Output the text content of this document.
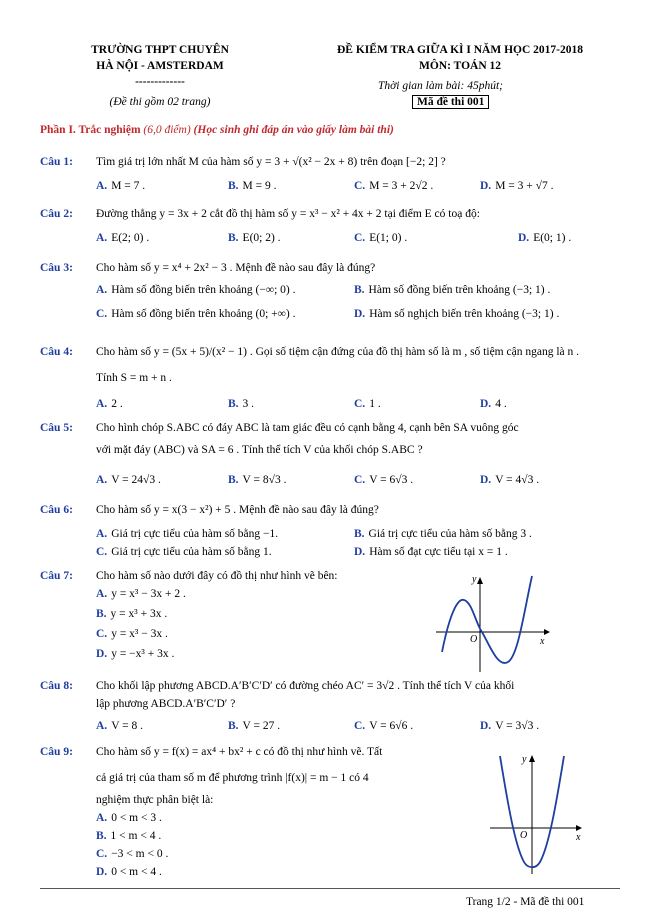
TRƯỜNG THPT CHUYÊN
HÀ NỘI - AMSTERDAM
-------------
(Đề thi gồm 02 trang)
ĐỀ KIỂM TRA GIỮA KÌ I NĂM HỌC 2017-2018
MÔN: TOÁN 12
Thời gian làm bài: 45phút;
Mã đề thi 001
Phần I. Trắc nghiệm (6,0 điểm) (Học sinh ghi đáp án vào giấy làm bài thi)
Câu 1: Tìm giá trị lớn nhất M của hàm số y = 3 + √(x² − 2x + 8) trên đoạn [−2; 2] ?
A. M = 7 .	B. M = 9 .	C. M = 3 + 2√2 .	D. M = 3 + √7 .
Câu 2: Đường thẳng y = 3x + 2 cắt đồ thị hàm số y = x³ − x² + 4x + 2 tại điểm E có toạ độ:
A. E(2; 0) .	B. E(0; 2) .	C. E(1; 0) .	D. E(0; 1) .
Câu 3: Cho hàm số y = x⁴ + 2x² − 3 . Mệnh đề nào sau đây là đúng?
A. Hàm số đồng biến trên khoảng (−∞; 0) .	B. Hàm số đồng biến trên khoảng (−3; 1) .
C. Hàm số đồng biến trên khoảng (0; +∞) .	D. Hàm số nghịch biến trên khoảng (−3; 1) .
Câu 4: Cho hàm số y = (5x + 5)/(x² − 1) . Gọi số tiệm cận đứng của đồ thị hàm số là m , số tiệm cận ngang là n .
Tính S = m + n .
A. 2 .	B. 3 .	C. 1 .	D. 4 .
Câu 5: Cho hình chóp S.ABC có đáy ABC là tam giác đều có cạnh bằng 4, cạnh bên SA vuông góc
với mặt đáy (ABC) và SA = 6 . Tính thể tích V của khối chóp S.ABC ?
A. V = 24√3 .	B. V = 8√3 .	C. V = 6√3 .	D. V = 4√3 .
Câu 6: Cho hàm số y = x(3 − x²) + 5 . Mệnh đề nào sau đây là đúng?
A. Giá trị cực tiểu của hàm số bằng −1.	B. Giá trị cực tiểu của hàm số bằng 3 .
C. Giá trị cực tiểu của hàm số bằng 1.	D. Hàm số đạt cực tiểu tại x = 1 .
Câu 7: Cho hàm số nào dưới đây có đồ thị như hình vẽ bên:
A. y = x³ − 3x + 2 .
B. y = x³ + 3x .
C. y = x³ − 3x .
D. y = −x³ + 3x .
y
x
O
Câu 8: Cho khối lập phương ABCD.A′B′C′D′ có đường chéo AC′ = 3√2 . Tính thể tích V của khối
lập phương ABCD.A′B′C′D′ ?
A. V = 8 .	B. V = 27 .	C. V = 6√6 .	D. V = 3√3 .
Câu 9: Cho hàm số y = f(x) = ax⁴ + bx² + c có đồ thị như hình vẽ. Tất
cả giá trị của tham số m để phương trình |f(x)| = m − 1 có 4
nghiệm thực phân biệt là:
A. 0 < m < 3 .
B. 1 < m < 4 .
C. −3 < m < 0 .
D. 0 < m < 4 .
y
x
O
Trang 1/2 - Mã đề thi 001
